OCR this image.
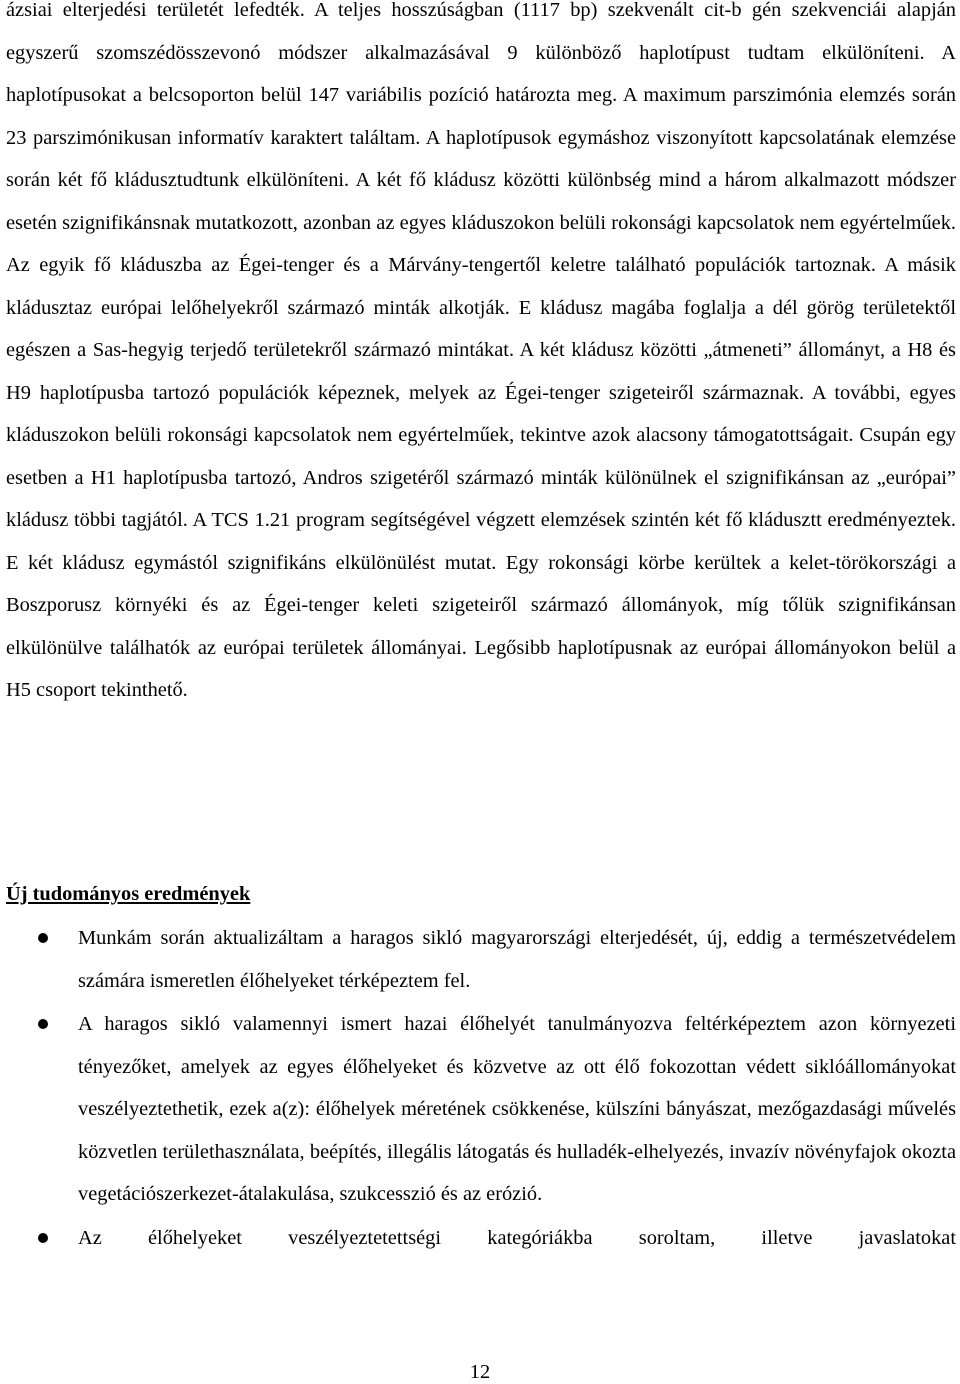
ázsiai elterjedési területét lefedték. A teljes hosszúságban (1117 bp) szekvenált cit-b gén szekvenciái alapján egyszerű szomszédösszevonó módszer alkalmazásával 9 különböző haplotípust tudtam elkülöníteni. A haplotípusokat a belcsoporton belül 147 variábilis pozíció határozta meg. A maximum parszimónia elemzés során 23 parszimónikusan informatív karaktert találtam. A haplotípusok egymáshoz viszonyított kapcsolatának elemzése során két fő kládusztudtunk elkülöníteni. A két fő kládusz közötti különbség mind a három alkalmazott módszer esetén szignifikánsnak mutatkozott, azonban az egyes kláduszokon belüli rokonsági kapcsolatok nem egyértelműek. Az egyik fő kláduszba az Égei-tenger és a Márvány-tengertől keletre található populációk tartoznak. A másik kládusztaz európai lelőhelyekről származó minták alkotják. E kládusz magába foglalja a dél görög területektől egészen a Sas-hegyig terjedő területekről származó mintákat. A két kládusz közötti „átmeneti” állományt, a H8 és H9 haplotípusba tartozó populációk képeznek, melyek az Égei-tenger szigeteiről származnak. A további, egyes kláduszokon belüli rokonsági kapcsolatok nem egyértelműek, tekintve azok alacsony támogatottságait. Csupán egy esetben a H1 haplotípusba tartozó, Andros szigetéről származó minták különülnek el szignifikánsan az „európai” kládusz többi tagjától. A TCS 1.21 program segítségével végzett elemzések szintén két fő kládusztt eredményeztek. E két kládusz egymástól szignifikáns elkülönülést mutat. Egy rokonsági körbe kerültek a kelet-törökországi a Boszporusz környéki és az Égei-tenger keleti szigeteiről származó állományok, míg tőlük szignifikánsan elkülönülve találhatók az európai területek állományai. Legősibb haplotípusnak az európai állományokon belül a H5 csoport tekinthető.

Új tudományos eredmények
Munkám során aktualizáltam a haragos sikló magyarországi elterjedését, új, eddig a természetvédelem számára ismeretlen élőhelyeket térképeztem fel.
A haragos sikló valamennyi ismert hazai élőhelyét tanulmányozva feltérképeztem azon környezeti tényezőket, amelyek az egyes élőhelyeket és közvetve az ott élő fokozottan védett siklóállományokat veszélyeztethetik, ezek a(z): élőhelyek méretének csökkenése, külszíni bányászat, mezőgazdasági művelés közvetlen területhasználata, beépítés, illegális látogatás és hulladék-elhelyezés, invazív növényfajok okozta vegetációszerkezet-átalakulása, szukcesszió és az erózió.
Az élőhelyeket veszélyeztetettségi kategóriákba soroltam, illetve javaslatokat
12
